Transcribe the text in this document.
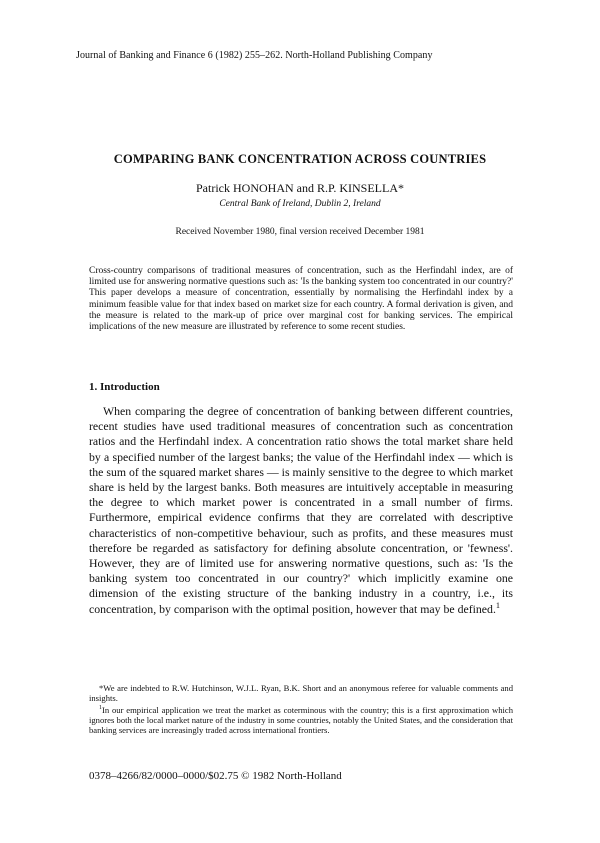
Journal of Banking and Finance 6 (1982) 255–262. North-Holland Publishing Company
COMPARING BANK CONCENTRATION ACROSS COUNTRIES
Patrick HONOHAN and R.P. KINSELLA*
Central Bank of Ireland, Dublin 2, Ireland
Received November 1980, final version received December 1981
Cross-country comparisons of traditional measures of concentration, such as the Herfindahl index, are of limited use for answering normative questions such as: 'Is the banking system too concentrated in our country?' This paper develops a measure of concentration, essentially by normalising the Herfindahl index by a minimum feasible value for that index based on market size for each country. A formal derivation is given, and the measure is related to the mark-up of price over marginal cost for banking services. The empirical implications of the new measure are illustrated by reference to some recent studies.
1. Introduction

When comparing the degree of concentration of banking between different countries, recent studies have used traditional measures of concentration such as concentration ratios and the Herfindahl index. A concentration ratio shows the total market share held by a specified number of the largest banks; the value of the Herfindahl index — which is the sum of the squared market shares — is mainly sensitive to the degree to which market share is held by the largest banks. Both measures are intuitively acceptable in measuring the degree to which market power is concentrated in a small number of firms. Furthermore, empirical evidence confirms that they are correlated with descriptive characteristics of non-competitive behaviour, such as profits, and these measures must therefore be regarded as satisfactory for defining absolute concentration, or 'fewness'. However, they are of limited use for answering normative questions, such as: 'Is the banking system too concentrated in our country?' which implicitly examine one dimension of the existing structure of the banking industry in a country, i.e., its concentration, by comparison with the optimal position, however that may be defined.$^1$

*We are indebted to R.W. Hutchinson, W.J.L. Ryan, B.K. Short and an anonymous referee for valuable comments and insights.

$^1$In our empirical application we treat the market as coterminous with the country; this is a first approximation which ignores both the local market nature of the industry in some countries, notably the United States, and the consideration that banking services are increasingly traded across international frontiers.

0378–4266/82/0000–0000/$02.75 © 1982 North-Holland
